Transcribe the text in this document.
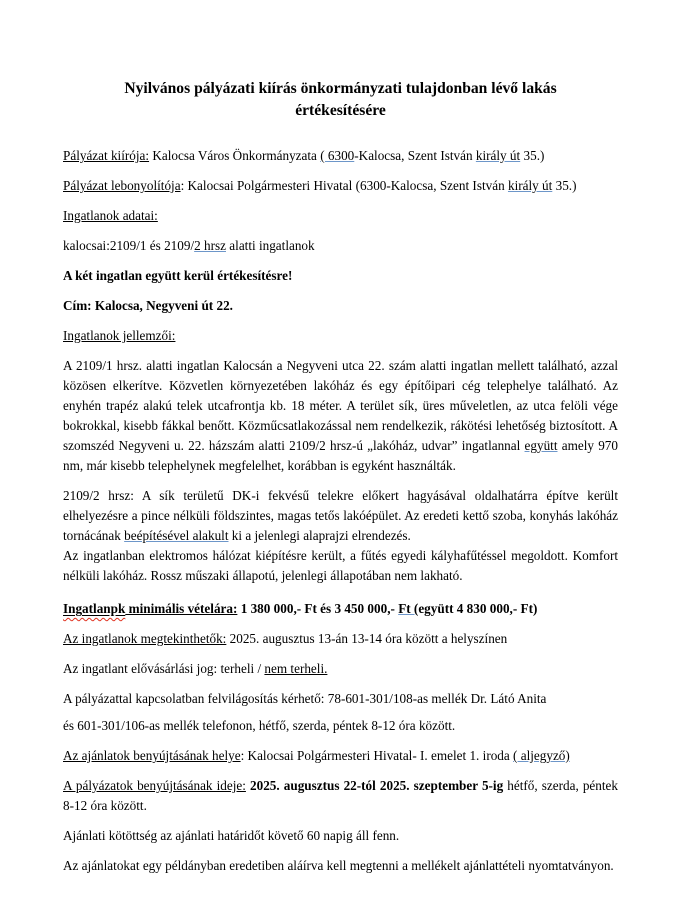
Nyilvános pályázati kiírás önkormányzati tulajdonban lévő lakás
értékesítésére

Pályázat kiírója: Kalocsa Város Önkormányzata ( 6300-Kalocsa, Szent István király út 35.)

Pályázat lebonyolítója: Kalocsai Polgármesteri Hivatal (6300-Kalocsa, Szent István király út 35.)

Ingatlanok adatai:

kalocsai:2109/1 és 2109/2 hrsz alatti ingatlanok

A két ingatlan együtt kerül értékesítésre!

Cím: Kalocsa, Negyveni út 22.

Ingatlanok jellemzői:

A 2109/1 hrsz. alatti ingatlan Kalocsán a Negyveni utca 22. szám alatti ingatlan mellett található, azzal közösen elkerítve. Közvetlen környezetében lakóház és egy építőipari cég telephelye található. Az enyhén trapéz alakú telek utcafrontja kb. 18 méter. A terület sík, üres műveletlen, az utca felöli vége bokrokkal, kisebb fákkal benőtt. Közműcsatlakozással nem rendelkezik, rákötési lehetőség biztosított. A szomszéd Negyveni u. 22. házszám alatti 2109/2 hrsz-ú „lakóház, udvar” ingatlannal együtt amely 970 nm, már kisebb telephelynek megfelelhet, korábban is egyként használták.

2109/2 hrsz: A sík területű DK-i fekvésű telekre előkert hagyásával oldalhatárra építve került elhelyezésre a pince nélküli földszintes, magas tetős lakóépület. Az eredeti kettő szoba, konyhás lakóház tornácának beépítésével alakult ki a jelenlegi alaprajzi elrendezés.

Az ingatlanban elektromos hálózat kiépítésre került, a fűtés egyedi kályhafűtéssel megoldott. Komfort nélküli lakóház. Rossz műszaki állapotú, jelenlegi állapotában nem lakható.

Ingatlanpk minimális vételára: 1 380 000,- Ft és 3 450 000,- Ft (együtt 4 830 000,- Ft)

Az ingatlanok megtekinthetők: 2025. augusztus 13-án 13-14 óra között a helyszínen

Az ingatlant elővásárlási jog: terheli / nem terheli.

A pályázattal kapcsolatban felvilágosítás kérhető: 78-601-301/108-as mellék Dr. Látó Anita

és 601-301/106-as mellék telefonon, hétfő, szerda, péntek 8-12 óra között.

Az ajánlatok benyújtásának helye: Kalocsai Polgármesteri Hivatal- I. emelet 1. iroda ( aljegyző)

A pályázatok benyújtásának ideje: 2025. augusztus 22-tól 2025. szeptember 5-ig hétfő, szerda, péntek 8-12 óra között.

Ajánlati kötöttség az ajánlati határidőt követő 60 napig áll fenn.

Az ajánlatokat egy példányban eredetiben aláírva kell megtenni a mellékelt ajánlattételi nyomtatványon.
